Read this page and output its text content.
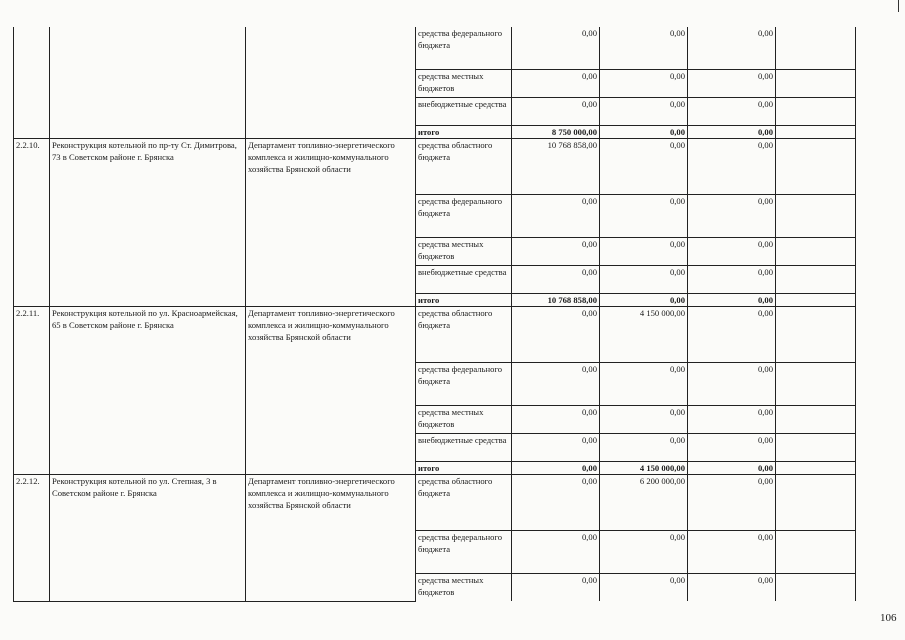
			средства федерального бюджета	0,00	0,00	0,00	
			средства местных бюджетов	0,00	0,00	0,00	
			внебюджетные средства	0,00	0,00	0,00	
			итого	8 750 000,00	0,00	0,00	
2.2.10.	Реконструкция котельной по пр-ту Ст. Димитрова, 73 в Советском районе г. Брянска	Департамент топливно-энергетического комплекса и жилищно-коммунального хозяйства Брянской области	средства областного бюджета	10 768 858,00	0,00	0,00	
			средства федерального бюджета	0,00	0,00	0,00	
			средства местных бюджетов	0,00	0,00	0,00	
			внебюджетные средства	0,00	0,00	0,00	
			итого	10 768 858,00	0,00	0,00	
2.2.11.	Реконструкция котельной по ул. Красноармейская, 65 в Советском районе г. Брянска	Департамент топливно-энергетического комплекса и жилищно-коммунального хозяйства Брянской области	средства областного бюджета	0,00	4 150 000,00	0,00	
			средства федерального бюджета	0,00	0,00	0,00	
			средства местных бюджетов	0,00	0,00	0,00	
			внебюджетные средства	0,00	0,00	0,00	
			итого	0,00	4 150 000,00	0,00	
2.2.12.	Реконструкция котельной по ул. Степная, 3 в Советском районе г. Брянска	Департамент топливно-энергетического комплекса и жилищно-коммунального хозяйства Брянской области	средства областного бюджета	0,00	6 200 000,00	0,00	
			средства федерального бюджета	0,00	0,00	0,00	
			средства местных бюджетов	0,00	0,00	0,00	
106
